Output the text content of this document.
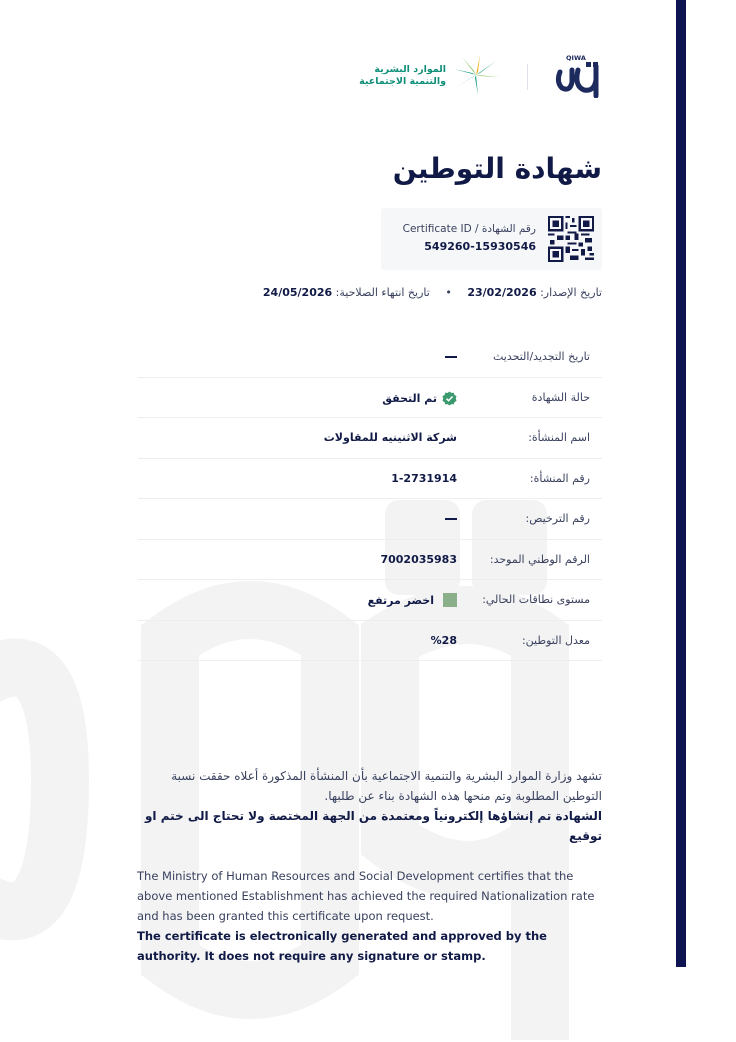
QIWA
الموارد البشرية
والتنمية الاجتماعية
شهادة التوطين
رقم الشهادة / Certificate ID
549260-15930546
تاريخ الإصدار: 23/02/2026 • تاريخ انتهاء الصلاحية: 24/05/2026
تاريخ التجديد/التحديث
حالة الشهادة
تم التحقق
اسم المنشأة:
شركة الاثنينيه للمقاولات
رقم المنشأة:
1-2731914
رقم الترخيص:
الرقم الوطني الموحد:
7002035983
مستوى نطاقات الحالي:
اخضر مرتفع
معدل التوطين:
%28
تشهد وزارة الموارد البشرية والتنمية الاجتماعية بأن المنشأة المذكورة أعلاه حققت نسبة التوطين المطلوبة وتم منحها هذه الشهادة بناء عن طلبها.
الشهادة تم إنشاؤها إلكترونياً ومعتمدة من الجهة المختصة ولا تحتاج الى ختم او توقيع
The Ministry of Human Resources and Social Development certifies that the above mentioned Establishment has achieved the required Nationalization rate and has been granted this certificate upon request.
The certificate is electronically generated and approved by the authority. It does not require any signature or stamp.
